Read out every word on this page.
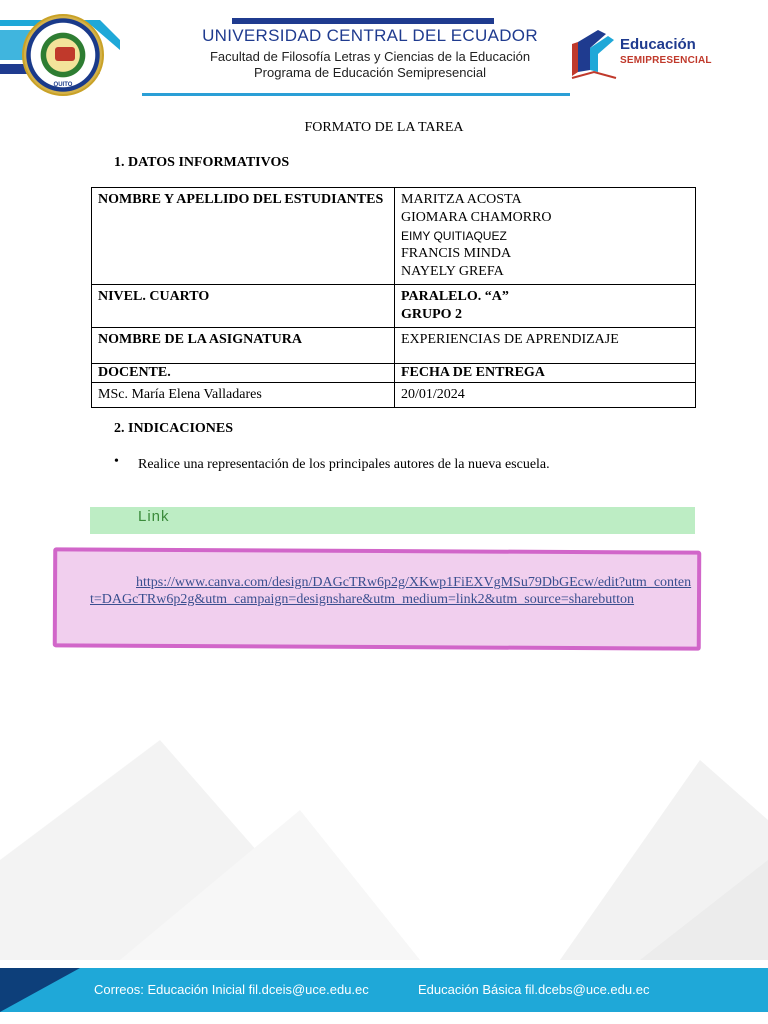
QUITO
UNIVERSIDAD CENTRAL DEL ECUADOR
Facultad de Filosofía Letras y Ciencias de la Educación
Programa de Educación Semipresencial
Educación
SEMIPRESENCIAL
FORMATO DE LA TAREA
1. DATOS INFORMATIVOS
NOMBRE Y APELLIDO DEL ESTUDIANTES	MARITZA ACOSTA
GIOMARA CHAMORRO
EIMY QUITIAQUEZ
FRANCIS MINDA
NAYELY GREFA

NIVEL. CUARTO	PARALELO. “A”
GRUPO 2

NOMBRE DE LA ASIGNATURA	EXPERIENCIAS DE APRENDIZAJE
DOCENTE.	FECHA DE ENTREGA
MSc. María Elena Valladares	20/01/2024
2. INDICACIONES
• Realice una representación de los principales autores de la nueva escuela.
Link
https://www.canva.com/design/DAGcTRw6p2g/XKwp1FiEXVgMSu79DbGEcw/edit?utm_content=DAGcTRw6p2g&utm_campaign=designshare&utm_medium=link2&utm_source=sharebutton
Correos: Educación Inicial fil.dceis@uce.edu.ec	Educación Básica fil.dcebs@uce.edu.ec
